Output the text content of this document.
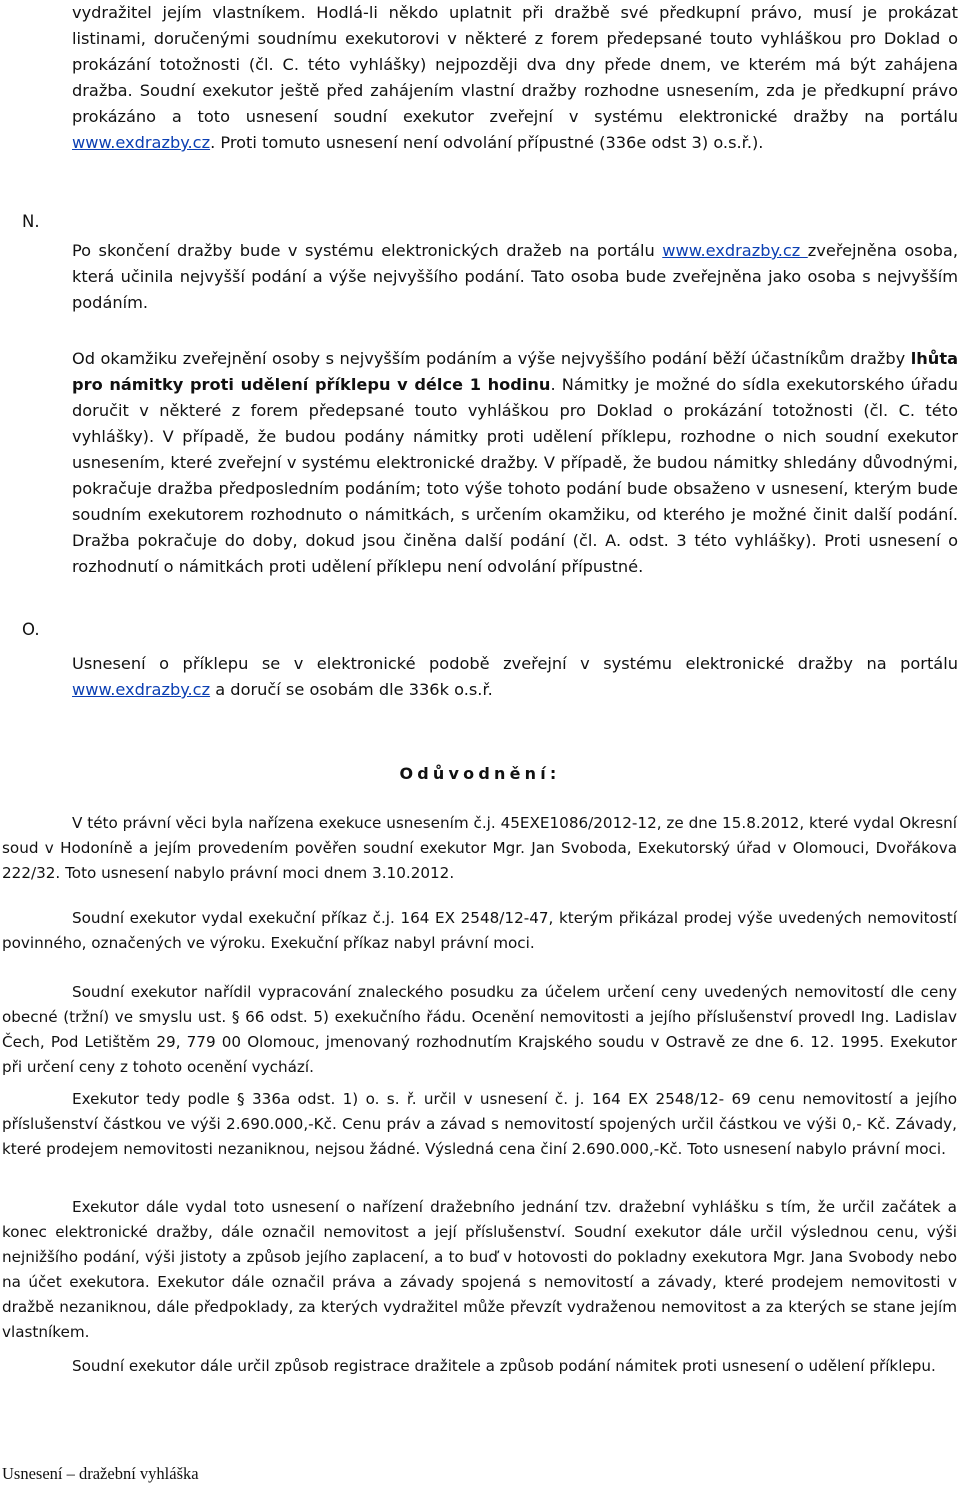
vydražitel jejím vlastníkem. Hodlá-li někdo uplatnit při dražbě své předkupní právo, musí je prokázat listinami, doručenými soudnímu exekutorovi v některé z forem předepsané touto vyhláškou pro Doklad o prokázání totožnosti (čl. C. této vyhlášky) nejpozději dva dny přede dnem, ve kterém má být zahájena dražba. Soudní exekutor ještě před zahájením vlastní dražby rozhodne usnesením, zda je předkupní právo prokázáno a toto usnesení soudní exekutor zveřejní v systému elektronické dražby na portálu www.exdrazby.cz. Proti tomuto usnesení není odvolání přípustné (336e odst 3) o.s.ř.).

N.

Po skončení dražby bude v systému elektronických dražeb na portálu www.exdrazby.cz zveřejněna osoba, která učinila nejvyšší podání a výše nejvyššího podání. Tato osoba bude zveřejněna jako osoba s nejvyšším podáním.

Od okamžiku zveřejnění osoby s nejvyšším podáním a výše nejvyššího podání běží účastníkům dražby lhůta pro námitky proti udělení příklepu v délce 1 hodinu. Námitky je možné do sídla exekutorského úřadu doručit v některé z forem předepsané touto vyhláškou pro Doklad o prokázání totožnosti (čl. C. této vyhlášky). V případě, že budou podány námitky proti udělení příklepu, rozhodne o nich soudní exekutor usnesením, které zveřejní v systému elektronické dražby. V případě, že budou námitky shledány důvodnými, pokračuje dražba předposledním podáním; toto výše tohoto podání bude obsaženo v usnesení, kterým bude soudním exekutorem rozhodnuto o námitkách, s určením okamžiku, od kterého je možné činit další podání. Dražba pokračuje do doby, dokud jsou činěna další podání (čl. A. odst. 3 této vyhlášky). Proti usnesení o rozhodnutí o námitkách proti udělení příklepu není odvolání přípustné.

O.

Usnesení o příklepu se v elektronické podobě zveřejní v systému elektronické dražby na portálu www.exdrazby.cz a doručí se osobám dle 336k o.s.ř.

Odůvodnění:

V této právní věci byla nařízena exekuce usnesením č.j. 45EXE1086/2012-12, ze dne 15.8.2012, které vydal Okresní soud v Hodoníně a jejím provedením pověřen soudní exekutor Mgr. Jan Svoboda, Exekutorský úřad v Olomouci, Dvořákova 222/32. Toto usnesení nabylo právní moci dnem 3.10.2012.

Soudní exekutor vydal exekuční příkaz č.j. 164 EX 2548/12-47, kterým přikázal prodej výše uvedených nemovitostí povinného, označených ve výroku. Exekuční příkaz nabyl právní moci.

Soudní exekutor nařídil vypracování znaleckého posudku za účelem určení ceny uvedených nemovitostí dle ceny obecné (tržní) ve smyslu ust. § 66 odst. 5) exekučního řádu. Ocenění nemovitosti a jejího příslušenství provedl Ing. Ladislav Čech, Pod Letištěm 29, 779 00 Olomouc, jmenovaný rozhodnutím Krajského soudu v Ostravě ze dne 6. 12. 1995. Exekutor při určení ceny z tohoto ocenění vychází.

Exekutor tedy podle § 336a odst. 1) o. s. ř. určil v usnesení č. j. 164 EX 2548/12- 69 cenu nemovitostí a jejího příslušenství částkou ve výši 2.690.000,-Kč. Cenu práv a závad s nemovitostí spojených určil částkou ve výši 0,- Kč. Závady, které prodejem nemovitosti nezaniknou, nejsou žádné. Výsledná cena činí 2.690.000,-Kč. Toto usnesení nabylo právní moci.

Exekutor dále vydal toto usnesení o nařízení dražebního jednání tzv. dražební vyhlášku s tím, že určil začátek a konec elektronické dražby, dále označil nemovitost a její příslušenství. Soudní exekutor dále určil výslednou cenu, výši nejnižšího podání, výši jistoty a způsob jejího zaplacení, a to buď v hotovosti do pokladny exekutora Mgr. Jana Svobody nebo na účet exekutora. Exekutor dále označil práva a závady spojená s nemovitostí a závady, které prodejem nemovitosti v dražbě nezaniknou, dále předpoklady, za kterých vydražitel může převzít vydraženou nemovitost a za kterých se stane jejím vlastníkem.

Soudní exekutor dále určil způsob registrace dražitele a způsob podání námitek proti usnesení o udělení příklepu.

Usnesení – dražební vyhláška
